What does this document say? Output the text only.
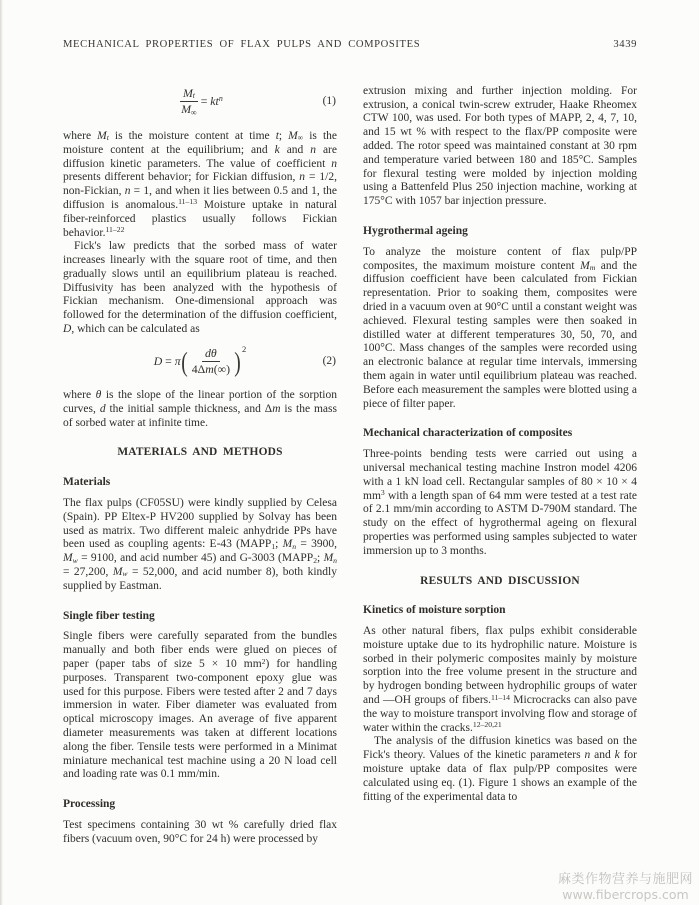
MECHANICAL PROPERTIES OF FLAX PULPS AND COMPOSITES	3439
$\frac{M_t}{M_\infty} = kt^n$	(1)

where $M_t$ is the moisture content at time t; $M_\infty$ is the moisture content at the equilibrium; and k and n are diffusion kinetic parameters. The value of coefficient n presents different behavior; for Fickian diffusion, n = 1/2, non-Fickian, n = 1, and when it lies between 0.5 and 1, the diffusion is anomalous.$^{11-13}$ Moisture uptake in natural fiber-reinforced plastics usually follows Fickian behavior.$^{11-22}$

Fick's law predicts that the sorbed mass of water increases linearly with the square root of time, and then gradually slows until an equilibrium plateau is reached. Diffusivity has been analyzed with the hypothesis of Fickian mechanism. One-dimensional approach was followed for the determination of the diffusion coefficient, D, which can be calculated as

D = π ( $\frac{d\theta}{4\Delta m(\infty)}$ ) 2
(2)

where θ is the slope of the linear portion of the sorption curves, d the initial sample thickness, and Δm is the mass of sorbed water at infinite time.

MATERIALS AND METHODS
Materials

The flax pulps (CF05SU) were kindly supplied by Celesa (Spain). PP Eltex-P HV200 supplied by Solvay has been used as matrix. Two different maleic anhydride PPs have been used as coupling agents: E-43 ($MAPP_1$; $M_n = 3900$, $M_w = 9100$, and acid number 45) and G-3003 ($MAPP_2$; $M_n = 27,200$, $M_w = 52,000$, and acid number 8), both kindly supplied by Eastman.

Single fiber testing

Single fibers were carefully separated from the bundles manually and both fiber ends were glued on pieces of paper (paper tabs of size 5 × 10 $mm^2$) for handling purposes. Transparent two-component epoxy glue was used for this purpose. Fibers were tested after 2 and 7 days immersion in water. Fiber diameter was evaluated from optical microscopy images. An average of five apparent diameter measurements was taken at different locations along the fiber. Tensile tests were performed in a Minimat miniature mechanical test machine using a 20 N load cell and loading rate was 0.1 mm/min.

Processing

Test specimens containing 30 wt % carefully dried flax fibers (vacuum oven, 90°C for 24 h) were processed by

extrusion mixing and further injection molding. For extrusion, a conical twin-screw extruder, Haake Rheomex CTW 100, was used. For both types of MAPP, 2, 4, 7, 10, and 15 wt % with respect to the flax/PP composite were added. The rotor speed was maintained constant at 30 rpm and temperature varied between 180 and 185°C. Samples for flexural testing were molded by injection molding using a Battenfeld Plus 250 injection machine, working at 175°C with 1057 bar injection pressure.

Hygrothermal ageing

To analyze the moisture content of flax pulp/PP composites, the maximum moisture content $M_m$ and the diffusion coefficient have been calculated from Fickian representation. Prior to soaking them, composites were dried in a vacuum oven at 90°C until a constant weight was achieved. Flexural testing samples were then soaked in distilled water at different temperatures 30, 50, 70, and 100°C. Mass changes of the samples were recorded using an electronic balance at regular time intervals, immersing them again in water until equilibrium plateau was reached. Before each measurement the samples were blotted using a piece of filter paper.

Mechanical characterization of composites

Three-points bending tests were carried out using a universal mechanical testing machine Instron model 4206 with a 1 kN load cell. Rectangular samples of 80 × 10 × 4 $mm^3$ with a length span of 64 mm were tested at a test rate of 2.1 mm/min according to ASTM D-790M standard. The study on the effect of hygrothermal ageing on flexural properties was performed using samples subjected to water immersion up to 3 months.

RESULTS AND DISCUSSION
Kinetics of moisture sorption

As other natural fibers, flax pulps exhibit considerable moisture uptake due to its hydrophilic nature. Moisture is sorbed in their polymeric composites mainly by moisture sorption into the free volume present in the structure and by hydrogen bonding between hydrophilic groups of water and —OH groups of fibers.$^{11-14}$ Microcracks can also pave the way to moisture transport involving flow and storage of water within the cracks.$^{12-20,21}$

The analysis of the diffusion kinetics was based on the Fick's theory. Values of the kinetic parameters n and k for moisture uptake data of flax pulp/PP composites were calculated using eq. (1). Figure 1 shows an example of the fitting of the experimental data to

麻类作物营养与施肥网
www.fibercrops.com
